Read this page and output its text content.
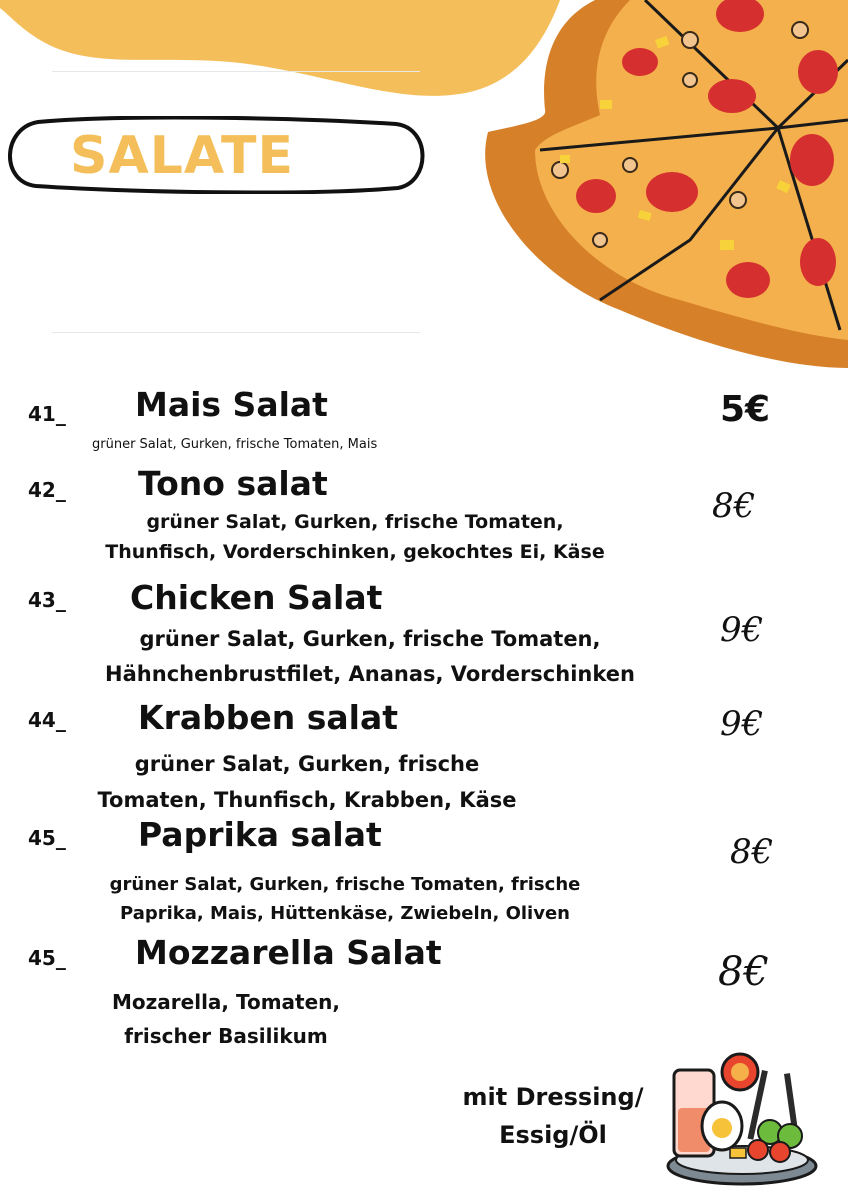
SALATE
41_ Mais Salat
grüner Salat, Gurken, frische Tomaten, Mais
5€
42_ Tono salat
grüner Salat, Gurken, frische Tomaten,
Thunfisch, Vorderschinken, gekochtes Ei, Käse
8€
43_ Chicken Salat
grüner Salat, Gurken, frische Tomaten,
Hähnchenbrustfilet, Ananas, Vorderschinken
9€
44_ Krabben salat
grüner Salat, Gurken, frische
Tomaten, Thunfisch, Krabben, Käse
9€
45_ Paprika salat
grüner Salat, Gurken, frische Tomaten, frische
Paprika, Mais, Hüttenkäse, Zwiebeln, Oliven
8€
45_ Mozzarella Salat
Mozarella, Tomaten,
frischer Basilikum
8€
mit Dressing/
Essig/Öl
